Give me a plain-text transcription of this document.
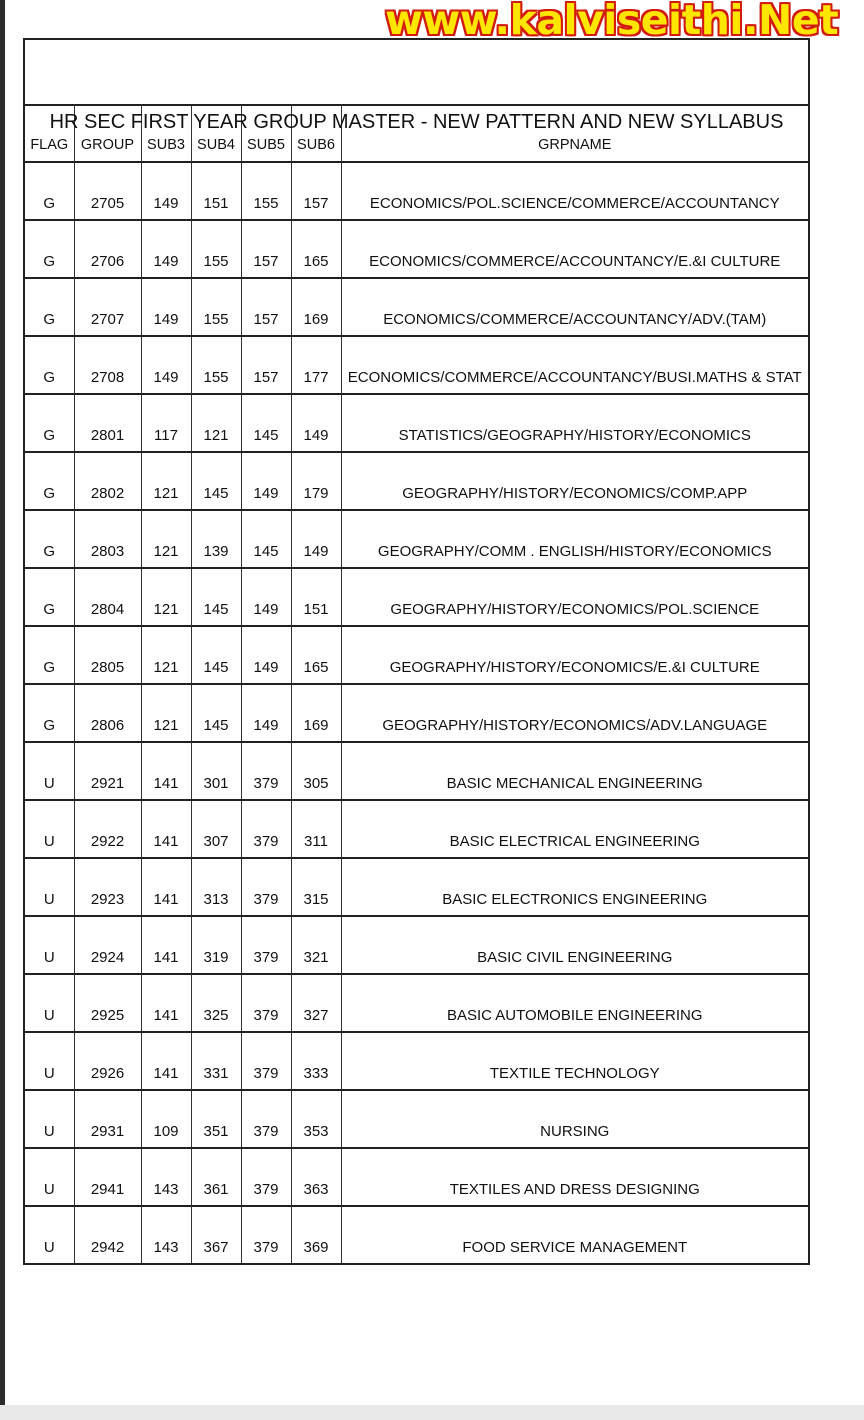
www.kalviseithi.Net
HR SEC FIRST YEAR GROUP MASTER - NEW PATTERN AND NEW SYLLABUS
FLAG	GROUP	SUB3	SUB4	SUB5	SUB6	GRPNAME
G	2705	149	151	155	157	ECONOMICS/POL.SCIENCE/COMMERCE/ACCOUNTANCY
G	2706	149	155	157	165	ECONOMICS/COMMERCE/ACCOUNTANCY/E.&I CULTURE
G	2707	149	155	157	169	ECONOMICS/COMMERCE/ACCOUNTANCY/ADV.(TAM)
G	2708	149	155	157	177	ECONOMICS/COMMERCE/ACCOUNTANCY/BUSI.MATHS & STAT
G	2801	117	121	145	149	STATISTICS/GEOGRAPHY/HISTORY/ECONOMICS
G	2802	121	145	149	179	GEOGRAPHY/HISTORY/ECONOMICS/COMP.APP
G	2803	121	139	145	149	GEOGRAPHY/COMM . ENGLISH/HISTORY/ECONOMICS
G	2804	121	145	149	151	GEOGRAPHY/HISTORY/ECONOMICS/POL.SCIENCE
G	2805	121	145	149	165	GEOGRAPHY/HISTORY/ECONOMICS/E.&I CULTURE
G	2806	121	145	149	169	GEOGRAPHY/HISTORY/ECONOMICS/ADV.LANGUAGE
U	2921	141	301	379	305	BASIC MECHANICAL ENGINEERING
U	2922	141	307	379	311	BASIC ELECTRICAL ENGINEERING
U	2923	141	313	379	315	BASIC ELECTRONICS ENGINEERING
U	2924	141	319	379	321	BASIC CIVIL ENGINEERING
U	2925	141	325	379	327	BASIC AUTOMOBILE ENGINEERING
U	2926	141	331	379	333	TEXTILE TECHNOLOGY
U	2931	109	351	379	353	NURSING
U	2941	143	361	379	363	TEXTILES AND DRESS DESIGNING
U	2942	143	367	379	369	FOOD SERVICE MANAGEMENT
